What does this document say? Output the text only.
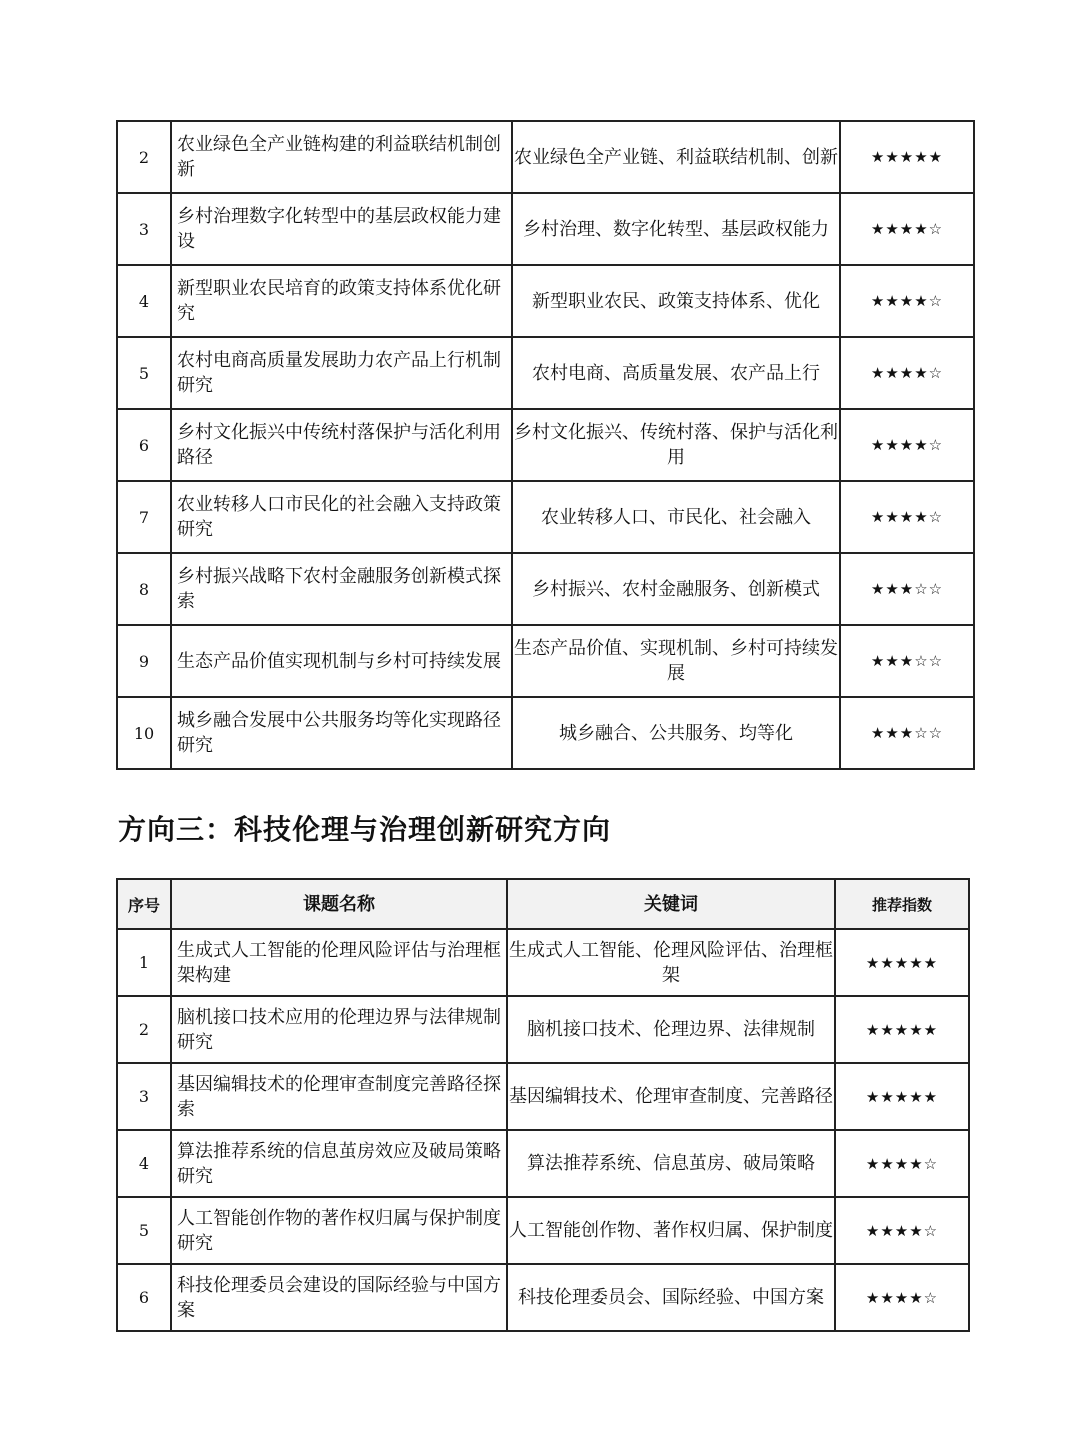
2	农业绿色全产业链构建的利益联结机制创新	农业绿色全产业链、利益联结机制、创新	★★★★★
3	乡村治理数字化转型中的基层政权能力建设	乡村治理、数字化转型、基层政权能力	★★★★☆
4	新型职业农民培育的政策支持体系优化研究	新型职业农民、政策支持体系、优化	★★★★☆
5	农村电商高质量发展助力农产品上行机制研究	农村电商、高质量发展、农产品上行	★★★★☆
6	乡村文化振兴中传统村落保护与活化利用路径	乡村文化振兴、传统村落、保护与活化利用	★★★★☆
7	农业转移人口市民化的社会融入支持政策研究	农业转移人口、市民化、社会融入	★★★★☆
8	乡村振兴战略下农村金融服务创新模式探索	乡村振兴、农村金融服务、创新模式	★★★☆☆
9	生态产品价值实现机制与乡村可持续发展	生态产品价值、实现机制、乡村可持续发展	★★★☆☆
10	城乡融合发展中公共服务均等化实现路径研究	城乡融合、公共服务、均等化	★★★☆☆
方向三：科技伦理与治理创新研究方向
序号	课题名称	关键词	推荐指数
1	生成式人工智能的伦理风险评估与治理框架构建	生成式人工智能、伦理风险评估、治理框架	★★★★★
2	脑机接口技术应用的伦理边界与法律规制研究	脑机接口技术、伦理边界、法律规制	★★★★★
3	基因编辑技术的伦理审查制度完善路径探索	基因编辑技术、伦理审查制度、完善路径	★★★★★
4	算法推荐系统的信息茧房效应及破局策略研究	算法推荐系统、信息茧房、破局策略	★★★★☆
5	人工智能创作物的著作权归属与保护制度研究	人工智能创作物、著作权归属、保护制度	★★★★☆
6	科技伦理委员会建设的国际经验与中国方案	科技伦理委员会、国际经验、中国方案	★★★★☆
